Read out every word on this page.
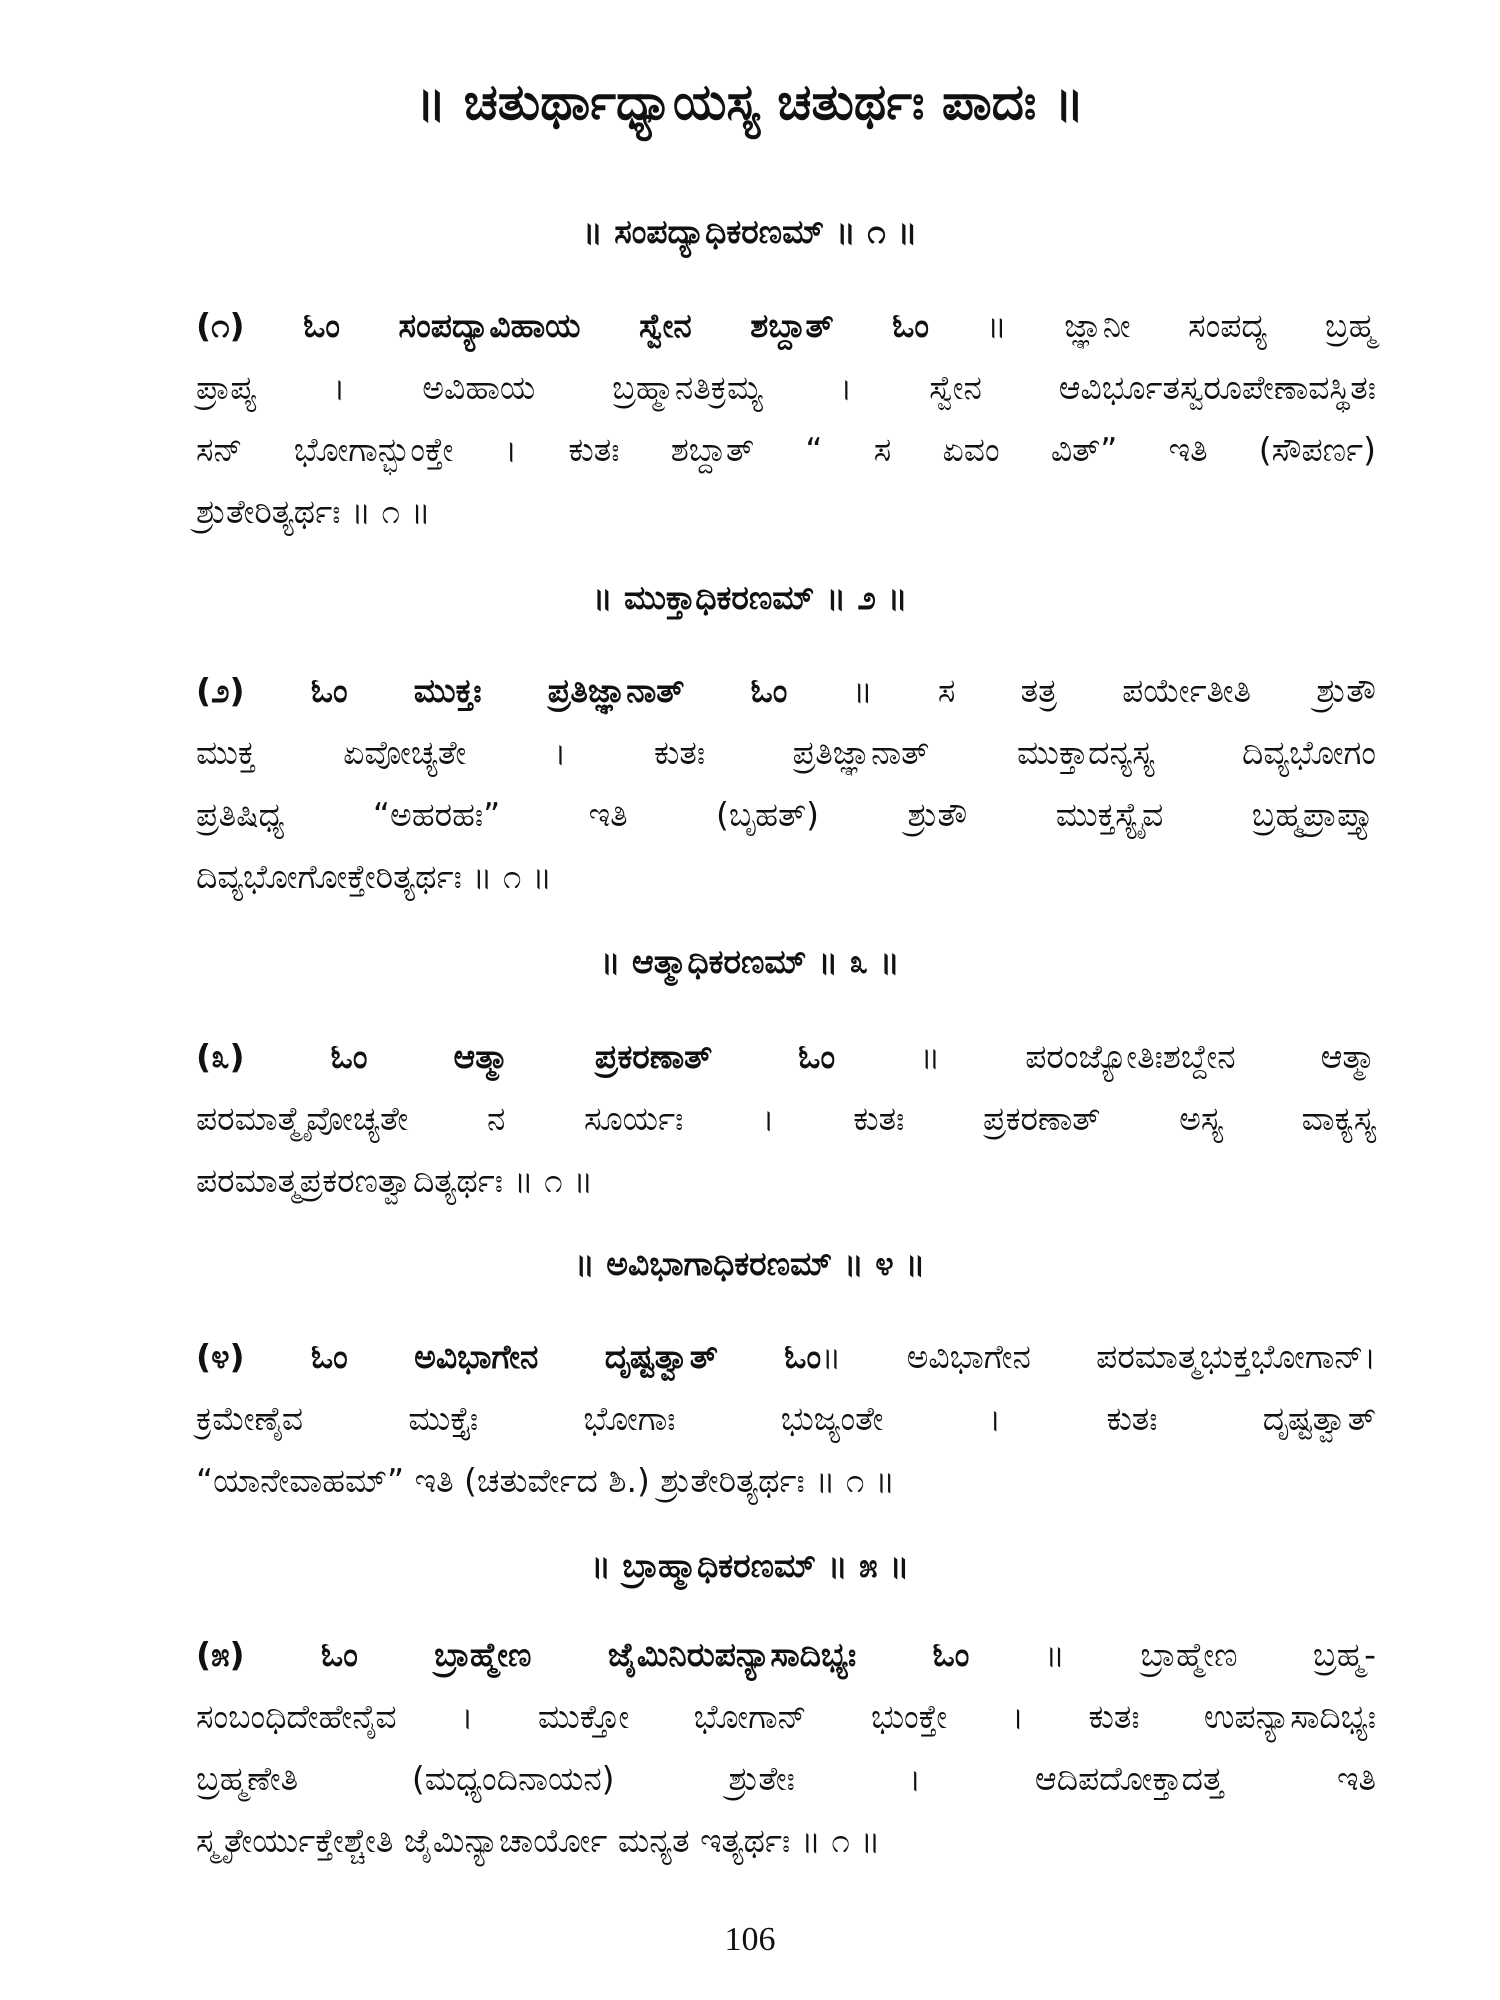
॥ ಚತುರ್ಥಾಧ್ಯಾಯಸ್ಯ ಚತುರ್ಥಃ ಪಾದಃ ॥
॥ ಸಂಪದ್ಯಾಧಿಕರಣಮ್ ॥ ೧ ॥
(೧) ಓಂ ಸಂಪದ್ಯಾವಿಹಾಯ ಸ್ವೇನ ಶಬ್ದಾತ್ ಓಂ ॥ ಜ್ಞಾನೀ ಸಂಪದ್ಯ ಬ್ರಹ್ಮ
ಪ್ರಾಪ್ಯ । ಅವಿಹಾಯ ಬ್ರಹ್ಮಾನತಿಕ್ರಮ್ಯ । ಸ್ವೇನ ಆವಿರ್ಭೂತಸ್ವರೂಪೇಣಾವಸ್ಥಿತಃ
ಸನ್ ಭೋಗಾನ್ಭುಂಕ್ತೇ । ಕುತಃ ಶಬ್ದಾತ್ “ ಸ ಏವಂ ವಿತ್” ಇತಿ (ಸೌಪರ್ಣ)
ಶ್ರುತೇರಿತ್ಯರ್ಥಃ ॥ ೧ ॥
॥ ಮುಕ್ತಾಧಿಕರಣಮ್ ॥ ೨ ॥
(೨) ಓಂ ಮುಕ್ತಃ ಪ್ರತಿಜ್ಞಾನಾತ್ ಓಂ ॥ ಸ ತತ್ರ ಪರ್ಯೇತೀತಿ ಶ್ರುತೌ
ಮುಕ್ತ ಏವೋಚ್ಯತೇ । ಕುತಃ ಪ್ರತಿಜ್ಞಾನಾತ್ ಮುಕ್ತಾದನ್ಯಸ್ಯ ದಿವ್ಯಭೋಗಂ
ಪ್ರತಿಷಿಧ್ಯ “ಅಹರಹಃ” ಇತಿ (ಬೃಹತ್) ಶ್ರುತೌ ಮುಕ್ತಸ್ಯೈವ ಬ್ರಹ್ಮಪ್ರಾಪ್ತ್ಯಾ
ದಿವ್ಯಭೋಗೋಕ್ತೇರಿತ್ಯರ್ಥಃ ॥ ೧ ॥
॥ ಆತ್ಮಾಧಿಕರಣಮ್ ॥ ೩ ॥
(೩) ಓಂ ಆತ್ಮಾ ಪ್ರಕರಣಾತ್ ಓಂ ॥ ಪರಂಜ್ಯೋತಿಃಶಬ್ದೇನ ಆತ್ಮಾ
ಪರಮಾತ್ಮೈವೋಚ್ಯತೇ ನ ಸೂರ್ಯಃ । ಕುತಃ ಪ್ರಕರಣಾತ್ ಅಸ್ಯ ವಾಕ್ಯಸ್ಯ
ಪರಮಾತ್ಮಪ್ರಕರಣತ್ವಾದಿತ್ಯರ್ಥಃ ॥ ೧ ॥
॥ ಅವಿಭಾಗಾಧಿಕರಣಮ್ ॥ ೪ ॥
(೪) ಓಂ ಅವಿಭಾಗೇನ ದೃಷ್ಟತ್ವಾತ್ ಓಂ॥ ಅವಿಭಾಗೇನ ಪರಮಾತ್ಮಭುಕ್ತಭೋಗಾನ್।
ಕ್ರಮೇಣೈವ ಮುಕ್ತೈಃ ಭೋಗಾಃ ಭುಜ್ಯಂತೇ । ಕುತಃ ದೃಷ್ಟತ್ವಾತ್
“ಯಾನೇವಾಹಮ್” ಇತಿ (ಚತುರ್ವೇದ ಶಿ.) ಶ್ರುತೇರಿತ್ಯರ್ಥಃ ॥ ೧ ॥
॥ ಬ್ರಾಹ್ಮಾಧಿಕರಣಮ್ ॥ ೫ ॥
(೫) ಓಂ ಬ್ರಾಹ್ಮೇಣ ಜೈಮಿನಿರುಪನ್ಯಾಸಾದಿಭ್ಯಃ ಓಂ ॥ ಬ್ರಾಹ್ಮೇಣ ಬ್ರಹ್ಮ-
ಸಂಬಂಧಿದೇಹೇನೈವ । ಮುಕ್ತೋ ಭೋಗಾನ್ ಭುಂಕ್ತೇ । ಕುತಃ ಉಪನ್ಯಾಸಾದಿಭ್ಯಃ
ಬ್ರಹ್ಮಣೇತಿ (ಮಧ್ಯಂದಿನಾಯನ) ಶ್ರುತೇಃ । ಆದಿಪದೋಕ್ತಾದತ್ತ ಇತಿ
ಸ್ಮೃತೇರ್ಯುಕ್ತೇಶ್ಚೇತಿ ಜೈಮಿನ್ಯಾಚಾರ್ಯೋ ಮನ್ಯತ ಇತ್ಯರ್ಥಃ ॥ ೧ ॥
106
